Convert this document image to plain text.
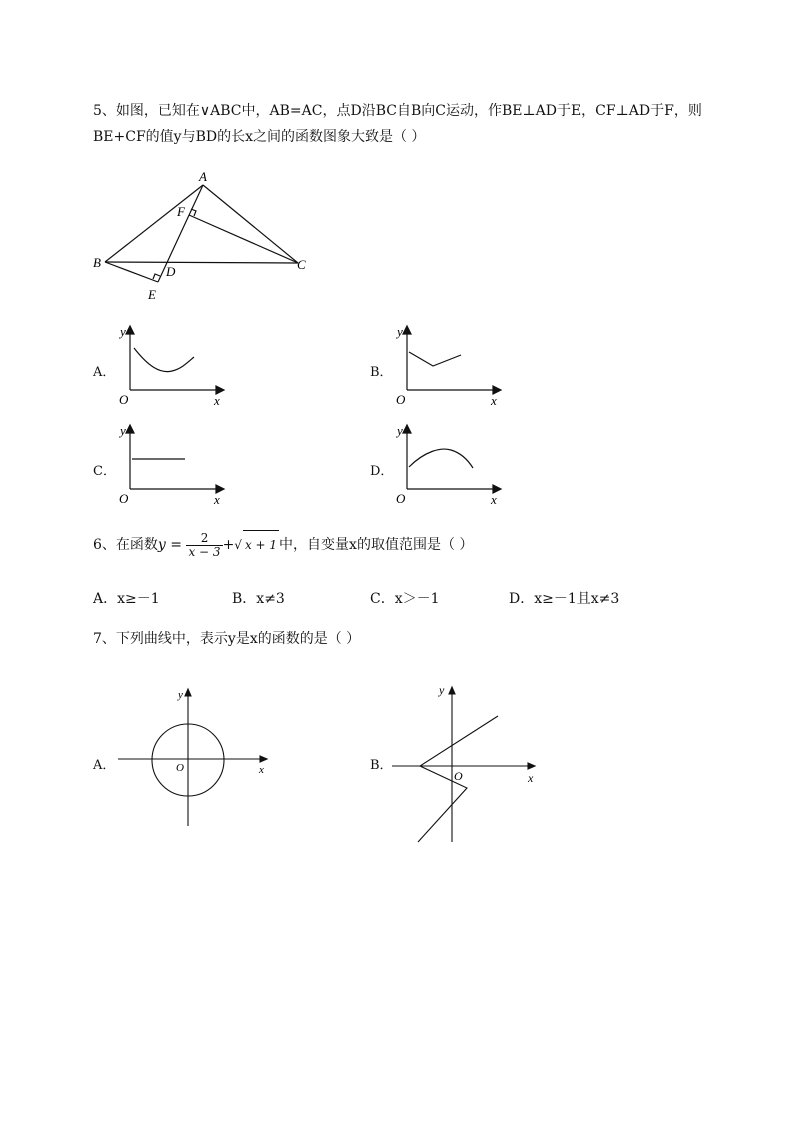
5、如图，已知在∨ABC中，AB=AC，点D沿BC自B向C运动，作BE⊥AD于E，CF⊥AD于F，则
BE+CF的值y与BD的长x之间的函数图象大致是（ ）
A
B	C
D
E
F
A．
y
x
O
B．
y
x
O
C．
y
x
O
D．
y
x
O
6、在函数$y = \frac{2}{x - 3}$ +√ x + 1 中，自变量x的取值范围是（ ）
A．x≥－1	B．x≠3	C．x＞－1	D．x≥－1且x≠3
7、下列曲线中，表示y是x的函数的是（ ）
A．
y
x
O	B．
y
x
O
